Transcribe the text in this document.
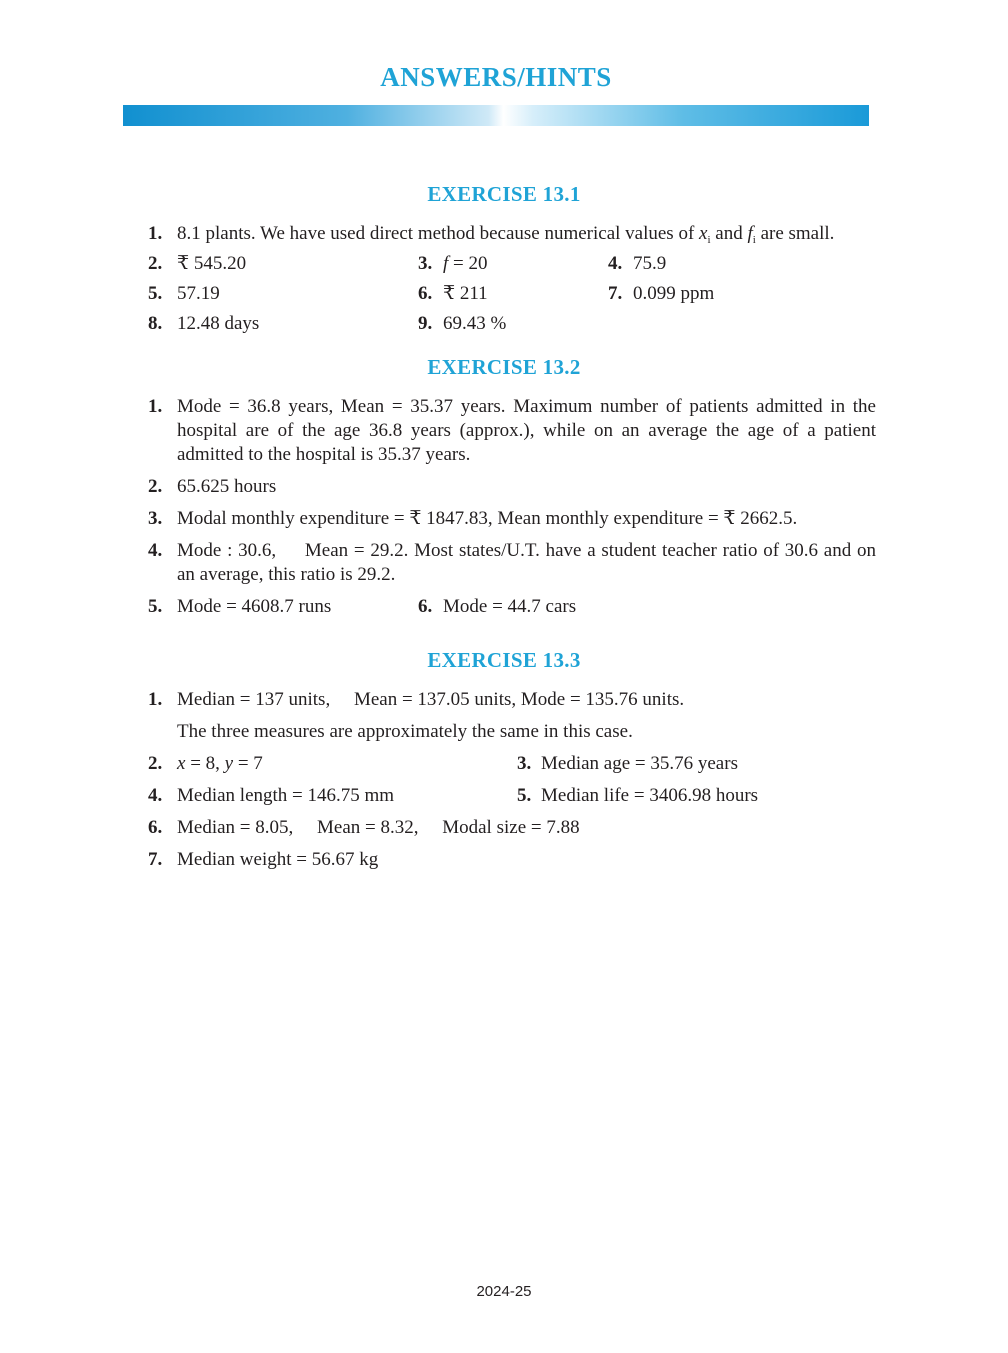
ANSWERS/HINTS
EXERCISE 13.1
1. 8.1 plants. We have used direct method because numerical values of $x_i$ and $f_i$ are small.
2. ₹ 545.20	3. f = 20	4. 75.9
5. 57.19	6. ₹ 211	7. 0.099 ppm
8. 12.48 days	9. 69.43 %
EXERCISE 13.2
1. Mode = 36.8 years, Mean = 35.37 years. Maximum number of patients admitted in the hospital are of the age 36.8 years (approx.), while on an average the age of a patient admitted to the hospital is 35.37 years.
2. 65.625 hours
3. Modal monthly expenditure = ₹ 1847.83, Mean monthly expenditure = ₹ 2662.5.
4. Mode : 30.6,     Mean = 29.2. Most states/U.T. have a student teacher ratio of 30.6 and on an average, this ratio is 29.2.
5. Mode = 4608.7 runs	6. Mode = 44.7 cars
EXERCISE 13.3
1. Median = 137 units,     Mean = 137.05 units, Mode = 135.76 units.
The three measures are approximately the same in this case.
2. x = 8, y = 7	3. Median age = 35.76 years
4. Median length = 146.75 mm	5. Median life = 3406.98 hours
6. Median = 8.05,     Mean = 8.32,     Modal size = 7.88
7. Median weight = 56.67 kg
2024-25
